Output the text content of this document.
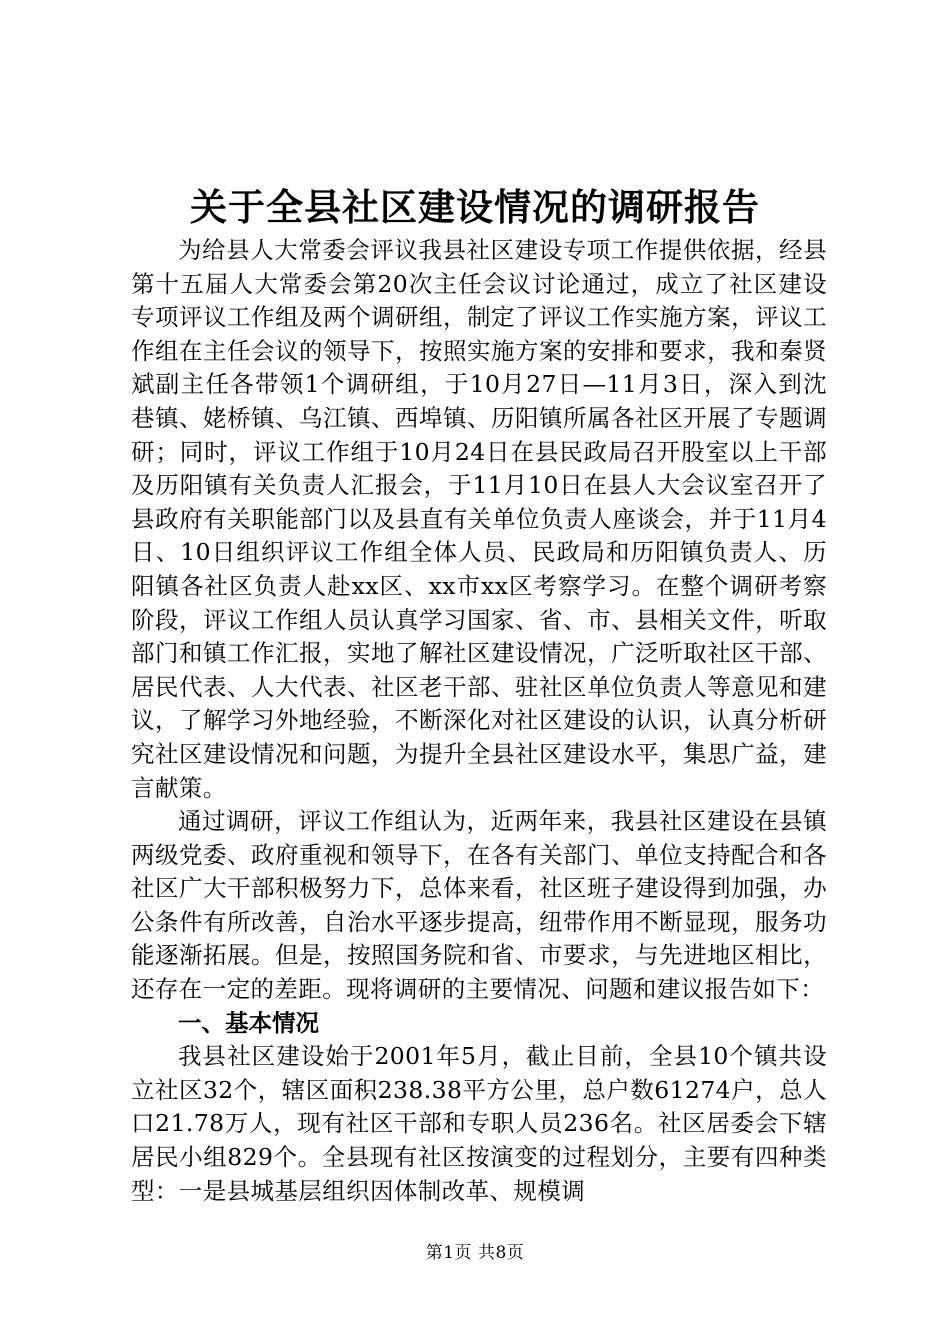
关于全县社区建设情况的调研报告

为给县人大常委会评议我县社区建设专项工作提供依据，经县第十五届人大常委会第20次主任会议讨论通过，成立了社区建设专项评议工作组及两个调研组，制定了评议工作实施方案，评议工作组在主任会议的领导下，按照实施方案的安排和要求，我和秦贤斌副主任各带领1个调研组，于10月27日—11月3日，深入到沈巷镇、姥桥镇、乌江镇、西埠镇、历阳镇所属各社区开展了专题调研；同时，评议工作组于10月24日在县民政局召开股室以上干部及历阳镇有关负责人汇报会，于11月10日在县人大会议室召开了县政府有关职能部门以及县直有关单位负责人座谈会，并于11月4日、10日组织评议工作组全体人员、民政局和历阳镇负责人、历阳镇各社区负责人赴xx区、xx市xx区考察学习。在整个调研考察阶段，评议工作组人员认真学习国家、省、市、县相关文件，听取部门和镇工作汇报，实地了解社区建设情况，广泛听取社区干部、居民代表、人大代表、社区老干部、驻社区单位负责人等意见和建议，了解学习外地经验，不断深化对社区建设的认识，认真分析研究社区建设情况和问题，为提升全县社区建设水平，集思广益，建言献策。

通过调研，评议工作组认为，近两年来，我县社区建设在县镇两级党委、政府重视和领导下，在各有关部门、单位支持配合和各社区广大干部积极努力下，总体来看，社区班子建设得到加强，办公条件有所改善，自治水平逐步提高，纽带作用不断显现，服务功能逐渐拓展。但是，按照国务院和省、市要求，与先进地区相比，还存在一定的差距。现将调研的主要情况、问题和建议报告如下：

一、基本情况

我县社区建设始于2001年5月，截止目前，全县10个镇共设立社区32个，辖区面积238.38平方公里，总户数61274户，总人口21.78万人，现有社区干部和专职人员236名。社区居委会下辖居民小组829个。全县现有社区按演变的过程划分，主要有四种类型：一是县城基层组织因体制改革、规模调

第1页 共8页
